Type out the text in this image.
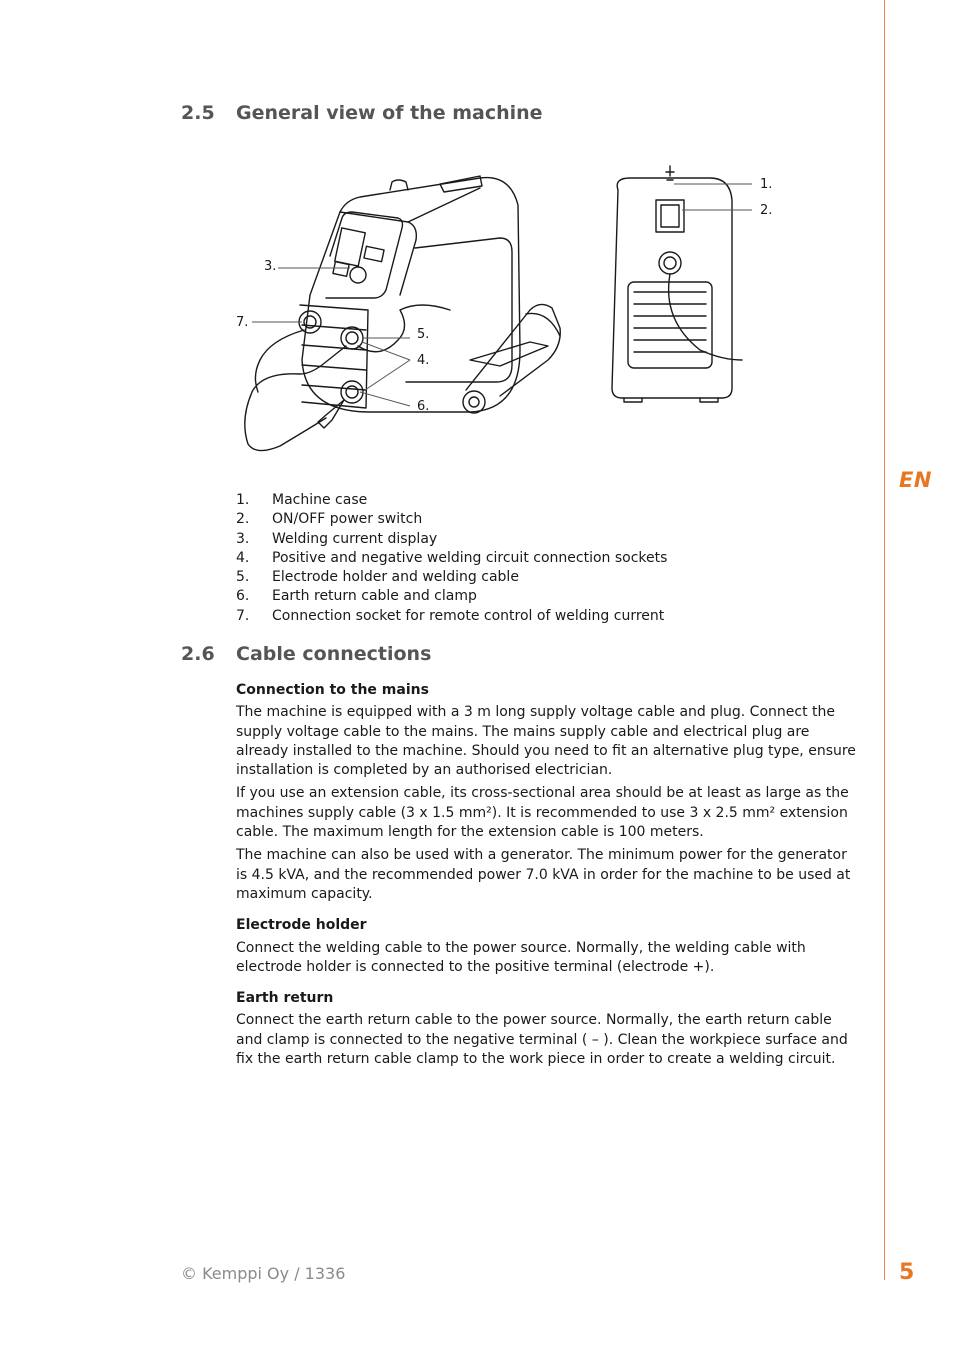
EN
2.5 General view of the machine
3.
7.
5.
4.
6.
1.
2.
1. Machine case
2. ON/OFF power switch
3. Welding current display
4. Positive and negative welding circuit connection sockets
5. Electrode holder and welding cable
6. Earth return cable and clamp
7. Connection socket for remote control of welding current
2.6 Cable connections
Connection to the mains

The machine is equipped with a 3 m long supply voltage cable and plug. Connect the supply voltage cable to the mains. The mains supply cable and electrical plug are already installed to the machine. Should you need to fit an alternative plug type, ensure installation is completed by an authorised electrician.

If you use an extension cable, its cross-sectional area should be at least as large as the machines supply cable (3 x 1.5 mm²). It is recommended to use 3 x 2.5 mm² extension cable. The maximum length for the extension cable is 100 meters.

The machine can also be used with a generator. The minimum power for the generator is 4.5 kVA, and the recommended power 7.0 kVA in order for the machine to be used at maximum capacity.

Electrode holder

Connect the welding cable to the power source. Normally, the welding cable with electrode holder is connected to the positive terminal (electrode +).

Earth return

Connect the earth return cable to the power source. Normally, the earth return cable and clamp is connected to the negative terminal ( – ). Clean the workpiece surface and fix the earth return cable clamp to the work piece in order to create a welding circuit.

© Kemppi Oy / 1336	5
